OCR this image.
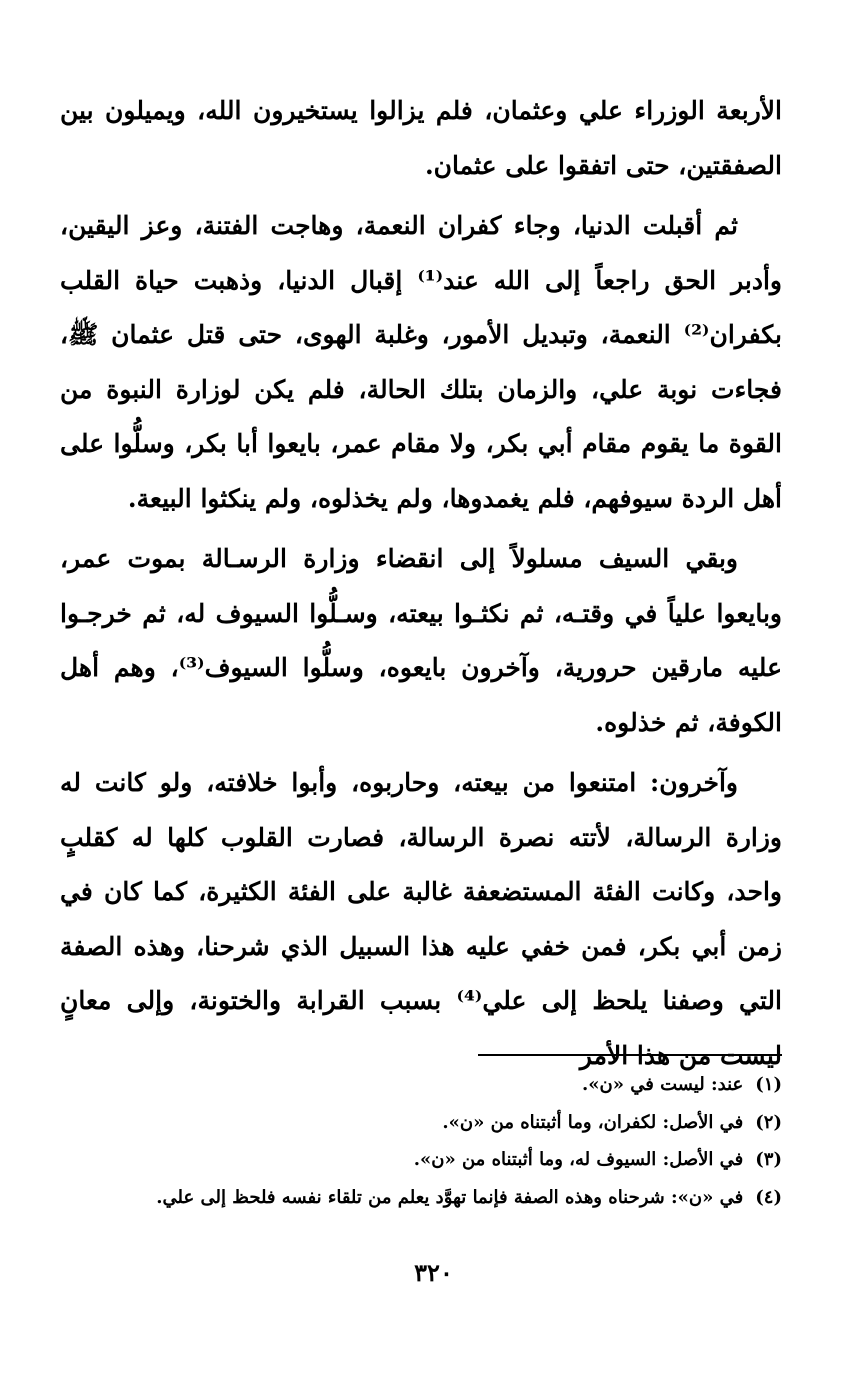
الأربعة الوزراء علي وعثمان، فلم يزالوا يستخيرون الله، ويميلون بين الصفقتين، حتى اتفقوا على عثمان.

ثم أقبلت الدنيا، وجاء كفران النعمة، وهاجت الفتنة، وعز اليقين، وأدبر الحق راجعاً إلى الله عند⁽¹⁾ إقبال الدنيا، وذهبت حياة القلب بكفران⁽²⁾ النعمة، وتبديل الأمور، وغلبة الهوى، حتى قتل عثمان ﷺ، فجاءت نوبة علي، والزمان بتلك الحالة، فلم يكن لوزارة النبوة من القوة ما يقوم مقام أبي بكر، ولا مقام عمر، بايعوا أبا بكر، وسلُّوا على أهل الردة سيوفهم، فلم يغمدوها، ولم يخذلوه، ولم ينكثوا البيعة.

وبقي السيف مسلولاً إلى انقضاء وزارة الرسـالة بموت عمر، وبايعوا علياً في وقتـه، ثم نكثـوا بيعته، وسـلُّوا السيوف له، ثم خرجـوا عليه مارقين حرورية، وآخرون بايعوه، وسلُّوا السيوف⁽³⁾، وهم أهل الكوفة، ثم خذلوه.

وآخرون: امتنعوا من بيعته، وحاربوه، وأبوا خلافته، ولو كانت له وزارة الرسالة، لأتته نصرة الرسالة، فصارت القلوب كلها له كقلبٍ واحد، وكانت الفئة المستضعفة غالبة على الفئة الكثيرة، كما كان في زمن أبي بكر، فمن خفي عليه هذا السبيل الذي شرحنا، وهذه الصفة التي وصفنا يلحظ إلى علي⁽⁴⁾ بسبب القرابة والختونة، وإلى معانٍ ليست من هذا الأمر

(١)عند: ليست في «ن».
(٢)في الأصل: لكفران، وما أثبتناه من «ن».
(٣)في الأصل: السيوف له، وما أثبتناه من «ن».
(٤)في «ن»: شرحناه وهذه الصفة فإنما تهوَّد يعلم من تلقاء نفسه فلحظ إلى علي.
٣٢٠
